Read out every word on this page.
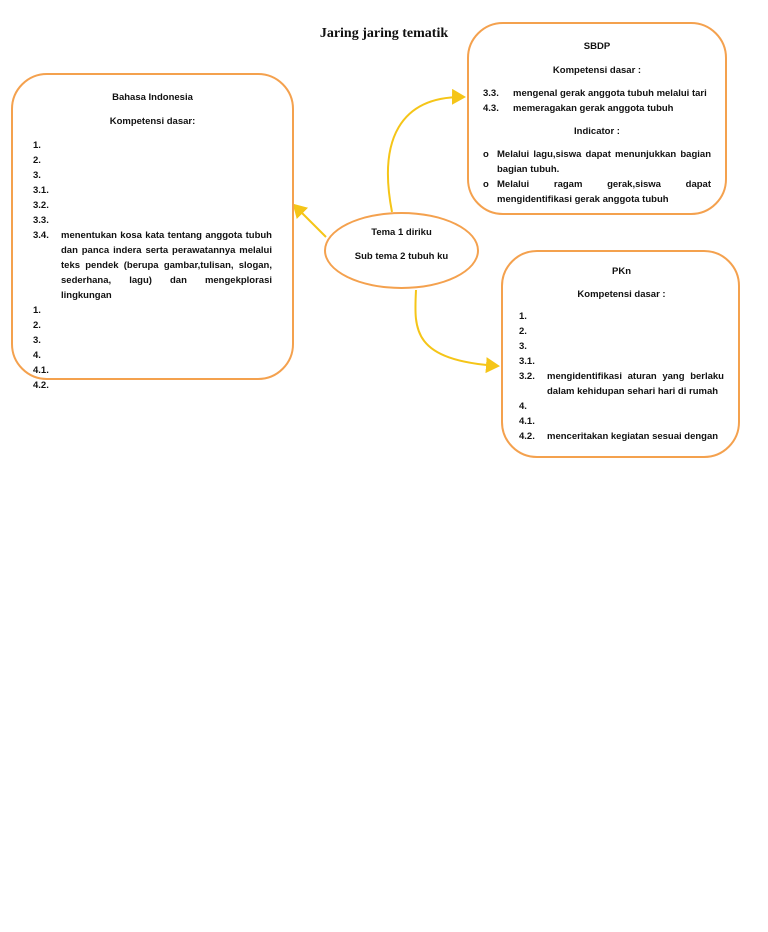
Jaring jaring tematik
Bahasa Indonesia
Kompetensi dasar:
1.
2.
3.
3.1.
3.2.
3.3.
3.4.	menentukan kosa kata tentang anggota tubuh dan panca indera serta perawatannya melalui teks pendek (berupa gambar,tulisan, slogan, sederhana, lagu) dan mengekplorasi lingkungan
1.
2.
3.
4.
4.1.
4.2.
SBDP
Kompetensi dasar :
3.3.	mengenal gerak anggota tubuh melalui tari
4.3.	memeragakan gerak anggota tubuh
Indicator :
o Melalui lagu,siswa dapat menunjukkan bagian bagian tubuh.
o Melalui ragam gerak,siswa dapat mengidentifikasi gerak anggota tubuh
PKn
Kompetensi dasar :
1.
2.
3.
3.1.
3.2.	mengidentifikasi aturan yang berlaku dalam kehidupan sehari hari di rumah
4.
4.1.
4.2.	menceritakan kegiatan sesuai dengan
Tema 1 diriku
Sub tema 2 tubuh ku
